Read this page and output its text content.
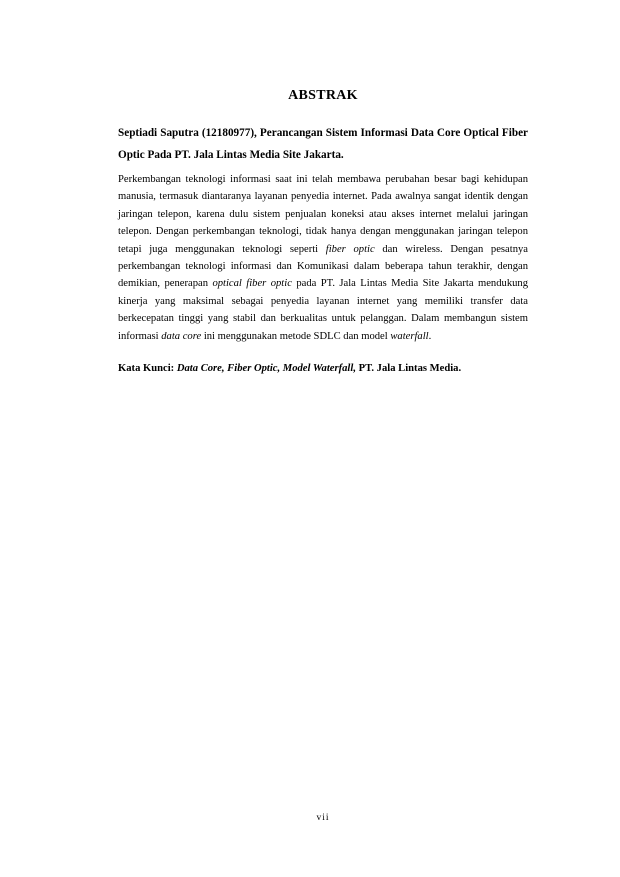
ABSTRAK

Septiadi Saputra (12180977), Perancangan Sistem Informasi Data Core Optical Fiber Optic Pada PT. Jala Lintas Media Site Jakarta.

Perkembangan teknologi informasi saat ini telah membawa perubahan besar bagi kehidupan manusia, termasuk diantaranya layanan penyedia internet. Pada awalnya sangat identik dengan jaringan telepon, karena dulu sistem penjualan koneksi atau akses internet melalui jaringan telepon. Dengan perkembangan teknologi, tidak hanya dengan menggunakan jaringan telepon tetapi juga menggunakan teknologi seperti fiber optic dan wireless. Dengan pesatnya perkembangan teknologi informasi dan Komunikasi dalam beberapa tahun terakhir, dengan demikian, penerapan optical fiber optic pada PT. Jala Lintas Media Site Jakarta mendukung kinerja yang maksimal sebagai penyedia layanan internet yang memiliki transfer data berkecepatan tinggi yang stabil dan berkualitas untuk pelanggan. Dalam membangun sistem informasi data core ini menggunakan metode SDLC dan model waterfall.

Kata Kunci: Data Core, Fiber Optic, Model Waterfall, PT. Jala Lintas Media.

vii
